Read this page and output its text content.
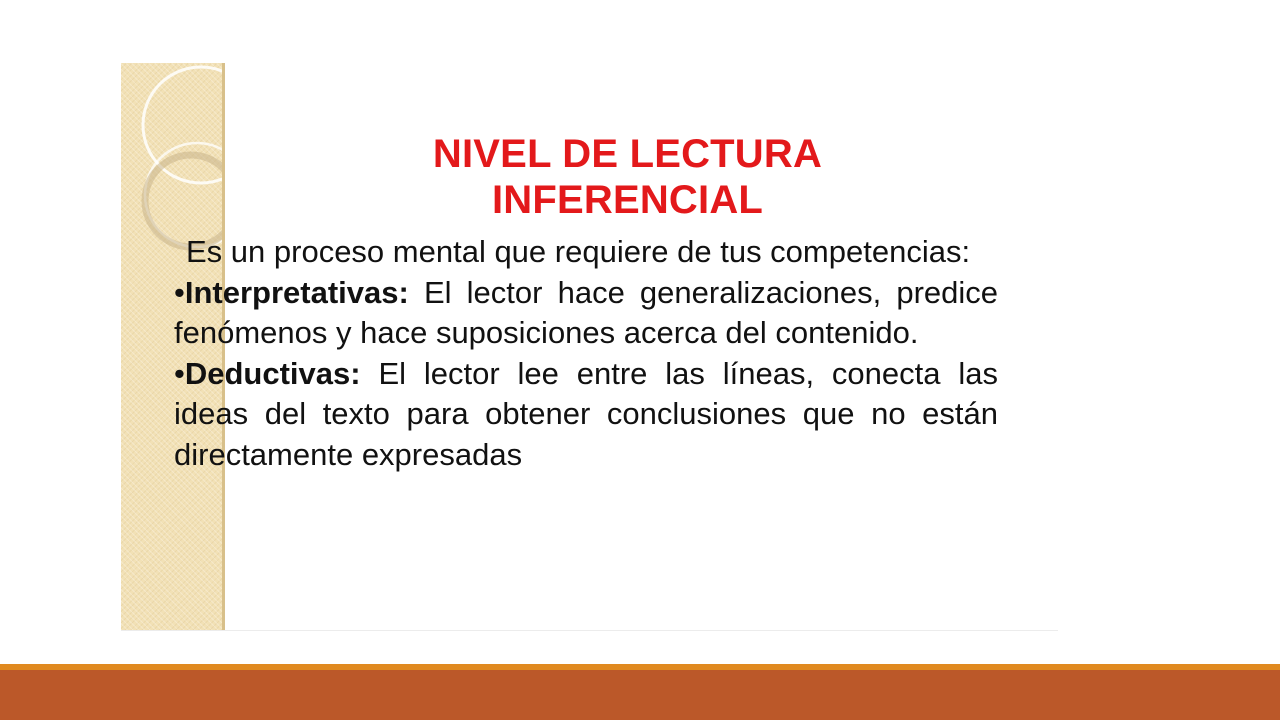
NIVEL DE LECTURA
INFERENCIAL

Es un proceso mental que requiere de tus competencias:

•Interpretativas: El lector hace generalizaciones, predice fenómenos y hace suposiciones acerca del contenido.

•Deductivas: El lector lee entre las líneas, conecta las ideas del texto para obtener conclusiones que no están directamente expresadas
